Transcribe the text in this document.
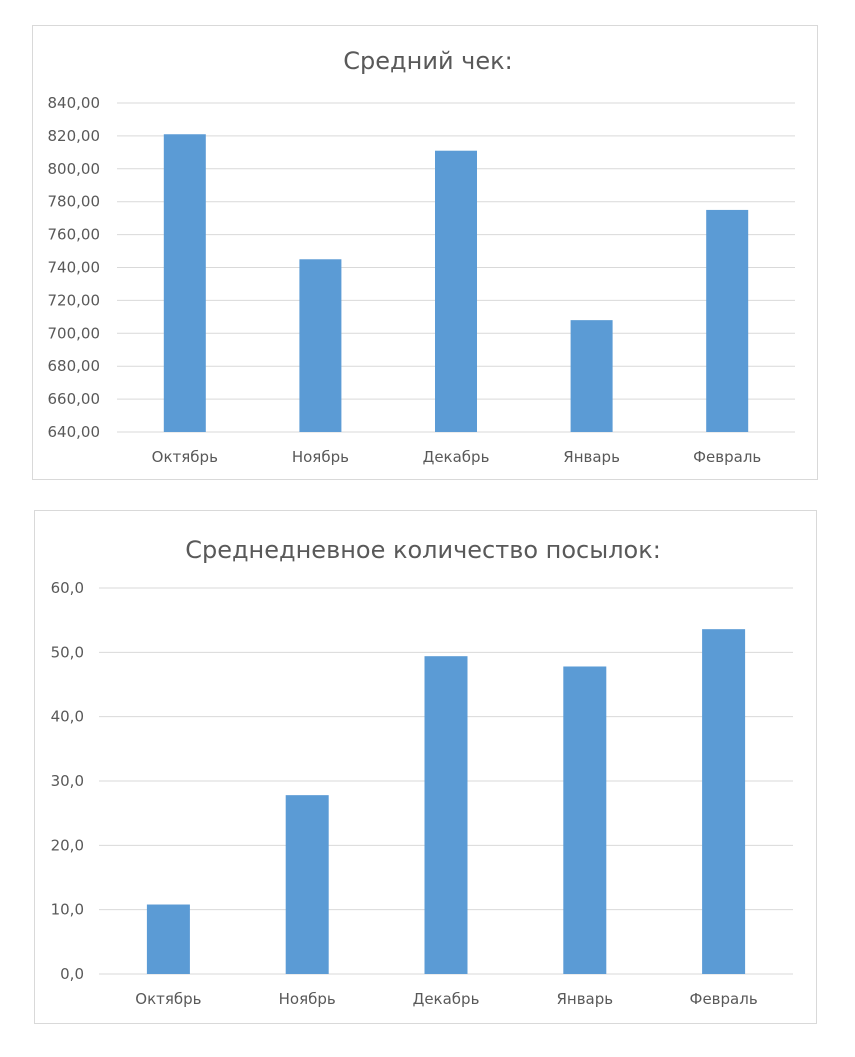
Средний чек:
640,00
660,00
680,00
700,00
720,00
740,00
760,00
780,00
800,00
820,00
840,00
Октябрь	Ноябрь	Декабрь	Январь	Февраль
Среднедневное количество посылок:
0,0
10,0
20,0
30,0
40,0
50,0
60,0
Октябрь	Ноябрь	Декабрь	Январь	Февраль
